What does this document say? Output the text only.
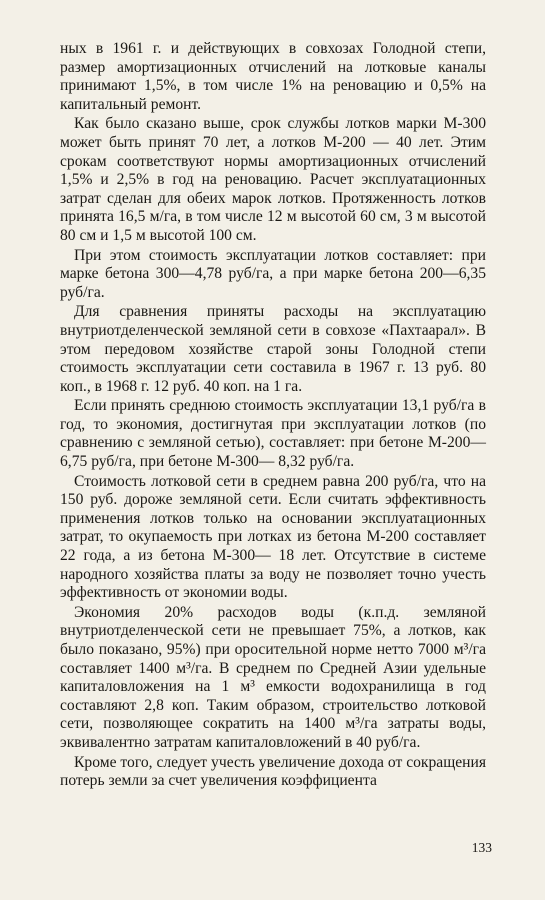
ных в 1961 г. и действующих в совхозах Голодной степи, размер амортизационных отчислений на лотковые каналы принимают 1,5%, в том числе 1% на реновацию и 0,5% на капитальный ремонт.

Как было сказано выше, срок службы лотков марки М-300 может быть принят 70 лет, а лотков М-200 — 40 лет. Этим срокам соответствуют нормы амортизационных отчислений 1,5% и 2,5% в год на реновацию. Расчет эксплуатационных затрат сделан для обеих марок лотков. Протяженность лотков принята 16,5 м/га, в том числе 12 м высотой 60 см, 3 м высотой 80 см и 1,5 м высотой 100 см.

При этом стоимость эксплуатации лотков составляет: при марке бетона 300—4,78 руб/га, а при марке бетона 200—6,35 руб/га.

Для сравнения приняты расходы на эксплуатацию внутриотделенческой земляной сети в совхозе «Пахтаарал». В этом передовом хозяйстве старой зоны Голодной степи стоимость эксплуатации сети составила в 1967 г. 13 руб. 80 коп., в 1968 г. 12 руб. 40 коп. на 1 га.

Если принять среднюю стоимость эксплуатации 13,1 руб/га в год, то экономия, достигнутая при эксплуатации лотков (по сравнению с земляной сетью), составляет: при бетоне М-200—6,75 руб/га, при бетоне М-300— 8,32 руб/га.

Стоимость лотковой сети в среднем равна 200 руб/га, что на 150 руб. дороже земляной сети. Если считать эффективность применения лотков только на основании эксплуатационных затрат, то окупаемость при лотках из бетона М-200 составляет 22 года, а из бетона М-300— 18 лет. Отсутствие в системе народного хозяйства платы за воду не позволяет точно учесть эффективность от экономии воды.

Экономия 20% расходов воды (к.п.д. земляной внутриотделенческой сети не превышает 75%, а лотков, как было показано, 95%) при оросительной норме нетто 7000 м³/га составляет 1400 м³/га. В среднем по Средней Азии удельные капиталовложения на 1 м³ емкости водохранилища в год составляют 2,8 коп. Таким образом, строительство лотковой сети, позволяющее сократить на 1400 м³/га затраты воды, эквивалентно затратам капиталовложений в 40 руб/га.

Кроме того, следует учесть увеличение дохода от сокращения потерь земли за счет увеличения коэффициента

133
